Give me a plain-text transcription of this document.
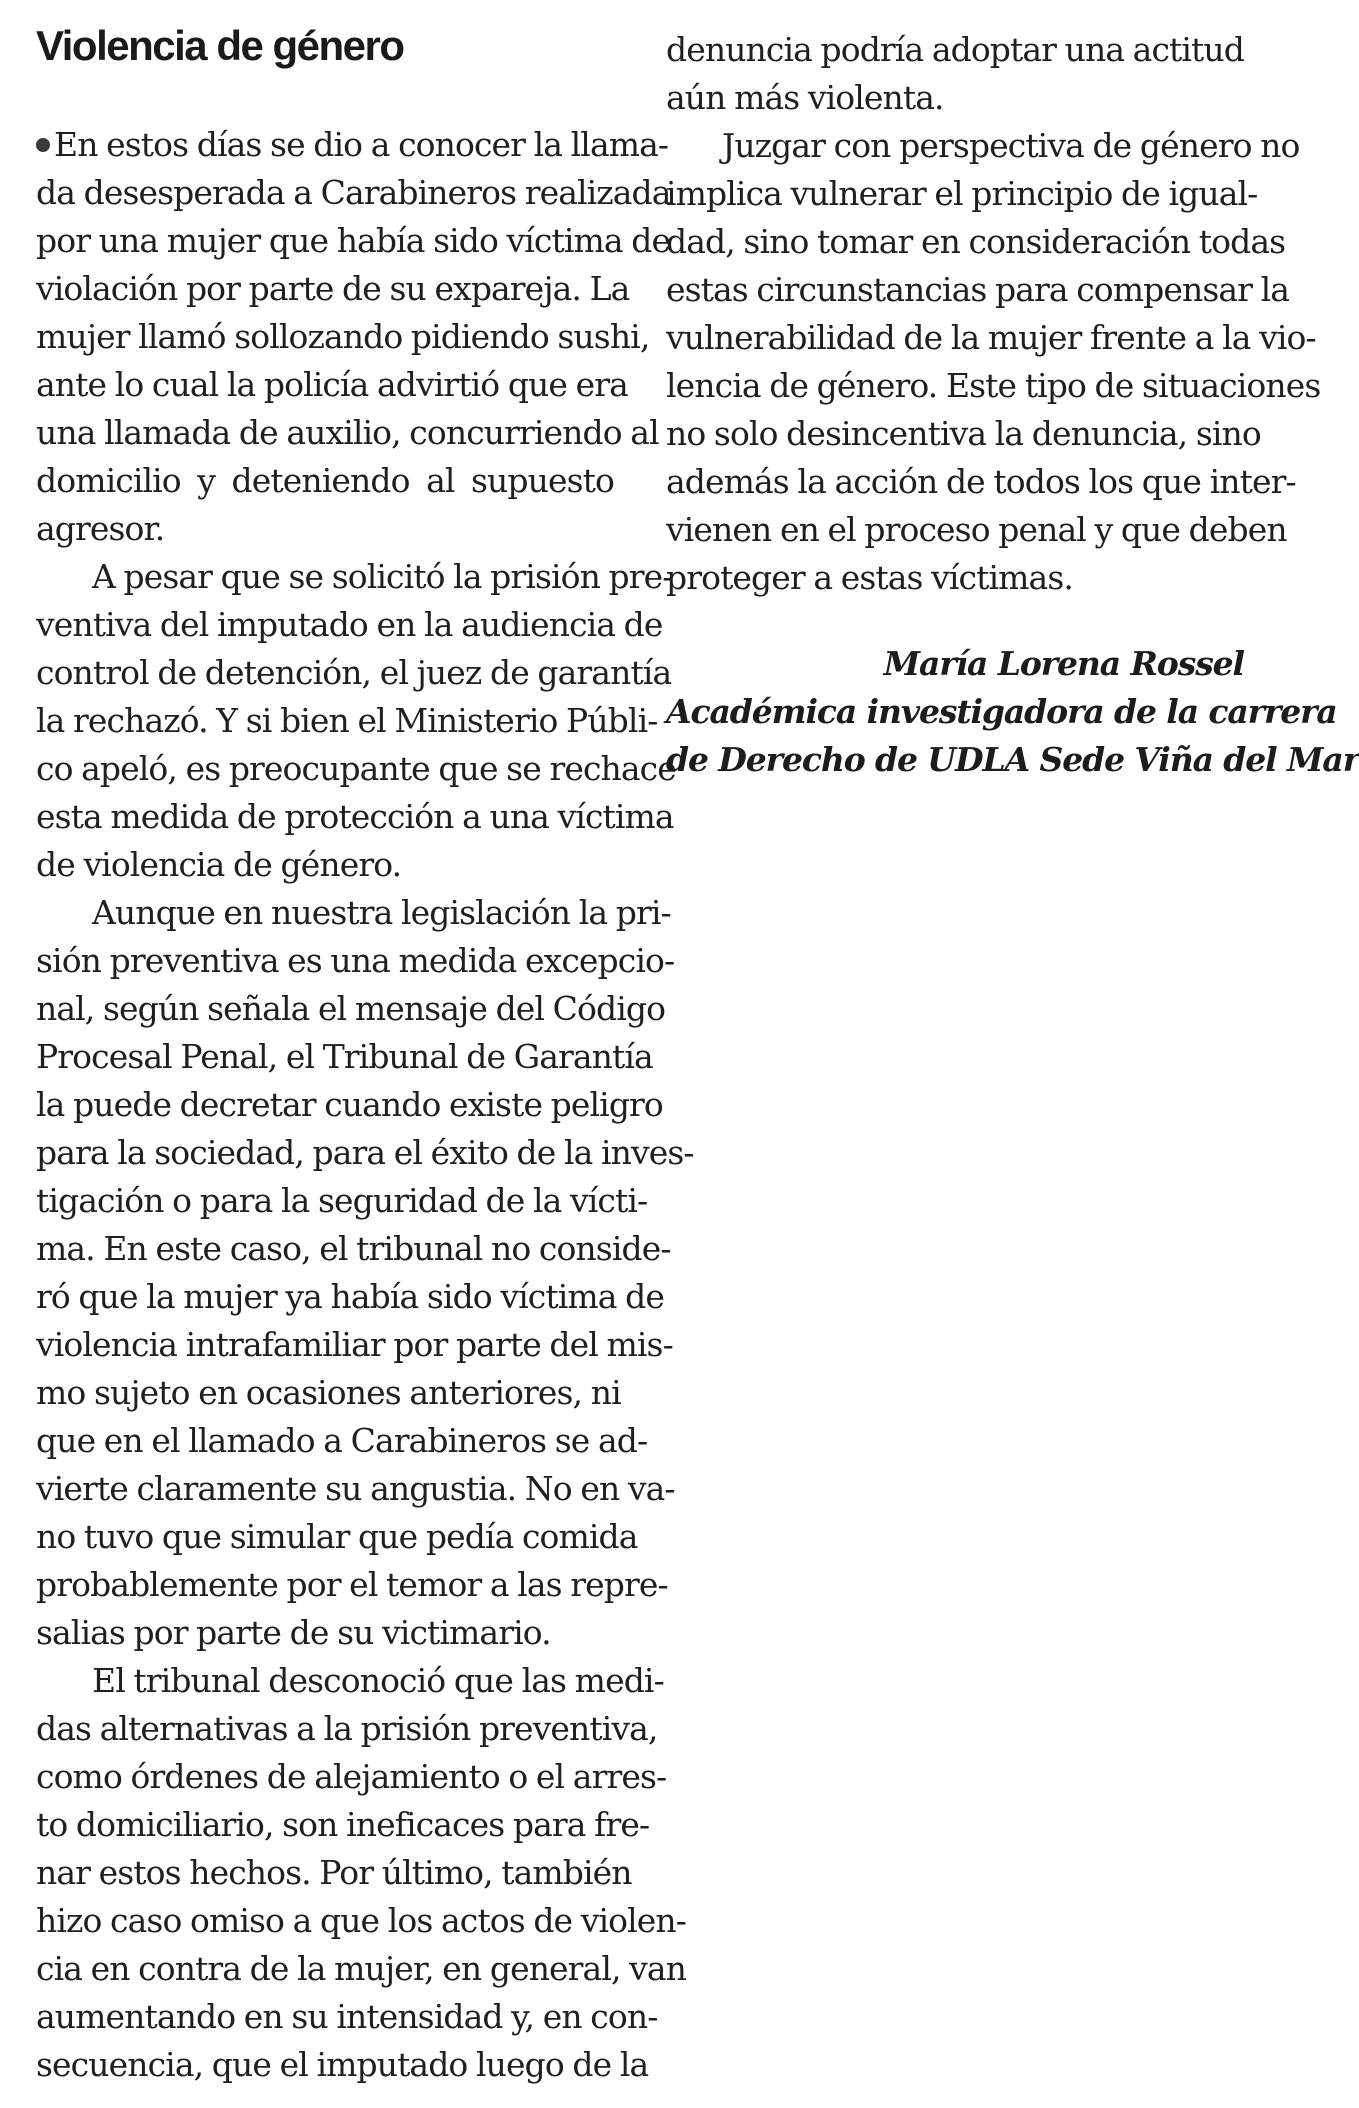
Violencia de género
En estos días se dio a conocer la llama-
da desesperada a Carabineros realizada
por una mujer que había sido víctima de
violación por parte de su expareja. La
mujer llamó sollozando pidiendo sushi,
ante lo cual la policía advirtió que era
una llamada de auxilio, concurriendo al
domicilio y deteniendo al supuesto
agresor.
A pesar que se solicitó la prisión pre-
ventiva del imputado en la audiencia de
control de detención, el juez de garantía
la rechazó. Y si bien el Ministerio Públi-
co apeló, es preocupante que se rechace
esta medida de protección a una víctima
de violencia de género.
Aunque en nuestra legislación la pri-
sión preventiva es una medida excepcio-
nal, según señala el mensaje del Código
Procesal Penal, el Tribunal de Garantía
la puede decretar cuando existe peligro
para la sociedad, para el éxito de la inves-
tigación o para la seguridad de la vícti-
ma. En este caso, el tribunal no conside-
ró que la mujer ya había sido víctima de
violencia intrafamiliar por parte del mis-
mo sujeto en ocasiones anteriores, ni
que en el llamado a Carabineros se ad-
vierte claramente su angustia. No en va-
no tuvo que simular que pedía comida
probablemente por el temor a las repre-
salias por parte de su victimario.
El tribunal desconoció que las medi-
das alternativas a la prisión preventiva,
como órdenes de alejamiento o el arres-
to domiciliario, son ineficaces para fre-
nar estos hechos. Por último, también
hizo caso omiso a que los actos de violen-
cia en contra de la mujer, en general, van
aumentando en su intensidad y, en con-
secuencia, que el imputado luego de la
denuncia podría adoptar una actitud
aún más violenta.
Juzgar con perspectiva de género no
implica vulnerar el principio de igual-
dad, sino tomar en consideración todas
estas circunstancias para compensar la
vulnerabilidad de la mujer frente a la vio-
lencia de género. Este tipo de situaciones
no solo desincentiva la denuncia, sino
además la acción de todos los que inter-
vienen en el proceso penal y que deben
proteger a estas víctimas.
María Lorena Rossel
Académica investigadora de la carrera
de Derecho de UDLA Sede Viña del Mar
